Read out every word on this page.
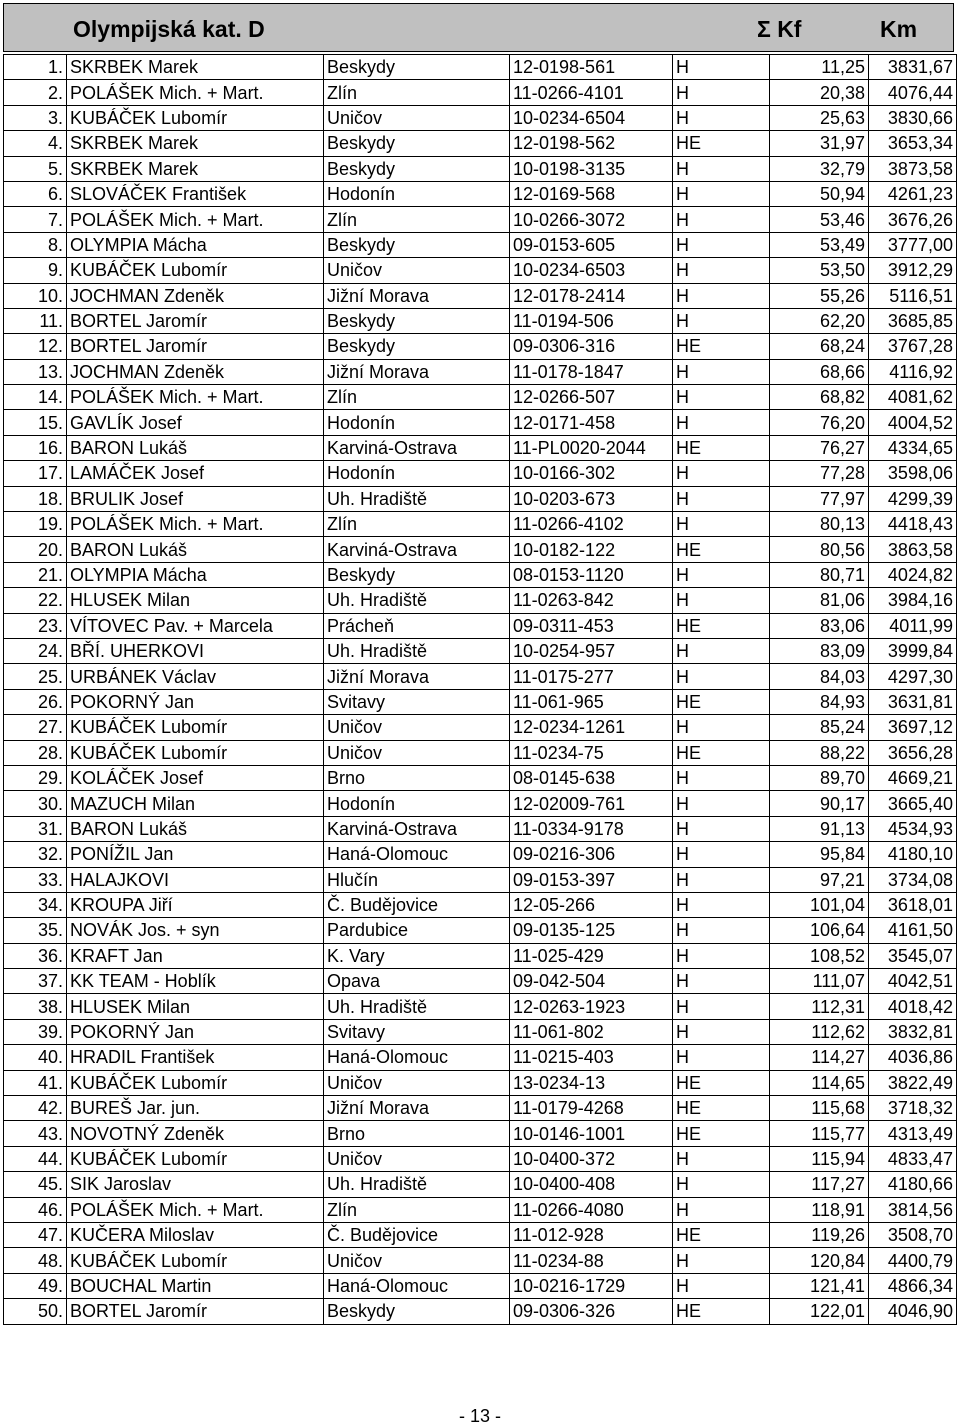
Olympijská kat. D	Σ Kf	Km
1.	SKRBEK Marek	Beskydy	12-0198-561	H	11,25	3831,67
2.	POLÁŠEK Mich. + Mart.	Zlín	11-0266-4101	H	20,38	4076,44
3.	KUBÁČEK Lubomír	Uničov	10-0234-6504	H	25,63	3830,66
4.	SKRBEK Marek	Beskydy	12-0198-562	HE	31,97	3653,34
5.	SKRBEK Marek	Beskydy	10-0198-3135	H	32,79	3873,58
6.	SLOVÁČEK František	Hodonín	12-0169-568	H	50,94	4261,23
7.	POLÁŠEK Mich. + Mart.	Zlín	10-0266-3072	H	53,46	3676,26
8.	OLYMPIA Mácha	Beskydy	09-0153-605	H	53,49	3777,00
9.	KUBÁČEK Lubomír	Uničov	10-0234-6503	H	53,50	3912,29
10.	JOCHMAN Zdeněk	Jižní Morava	12-0178-2414	H	55,26	5116,51
11.	BORTEL Jaromír	Beskydy	11-0194-506	H	62,20	3685,85
12.	BORTEL Jaromír	Beskydy	09-0306-316	HE	68,24	3767,28
13.	JOCHMAN Zdeněk	Jižní Morava	11-0178-1847	H	68,66	4116,92
14.	POLÁŠEK Mich. + Mart.	Zlín	12-0266-507	H	68,82	4081,62
15.	GAVLÍK Josef	Hodonín	12-0171-458	H	76,20	4004,52
16.	BARON Lukáš	Karviná-Ostrava	11-PL0020-2044	HE	76,27	4334,65
17.	LAMÁČEK Josef	Hodonín	10-0166-302	H	77,28	3598,06
18.	BRULIK Josef	Uh. Hradiště	10-0203-673	H	77,97	4299,39
19.	POLÁŠEK Mich. + Mart.	Zlín	11-0266-4102	H	80,13	4418,43
20.	BARON Lukáš	Karviná-Ostrava	10-0182-122	HE	80,56	3863,58
21.	OLYMPIA Mácha	Beskydy	08-0153-1120	H	80,71	4024,82
22.	HLUSEK Milan	Uh. Hradiště	11-0263-842	H	81,06	3984,16
23.	VÍTOVEC Pav. + Marcela	Prácheň	09-0311-453	HE	83,06	4011,99
24.	BŘÍ. UHERKOVI	Uh. Hradiště	10-0254-957	H	83,09	3999,84
25.	URBÁNEK Václav	Jižní Morava	11-0175-277	H	84,03	4297,30
26.	POKORNÝ Jan	Svitavy	11-061-965	HE	84,93	3631,81
27.	KUBÁČEK Lubomír	Uničov	12-0234-1261	H	85,24	3697,12
28.	KUBÁČEK Lubomír	Uničov	11-0234-75	HE	88,22	3656,28
29.	KOLÁČEK Josef	Brno	08-0145-638	H	89,70	4669,21
30.	MAZUCH Milan	Hodonín	12-02009-761	H	90,17	3665,40
31.	BARON Lukáš	Karviná-Ostrava	11-0334-9178	H	91,13	4534,93
32.	PONÍŽIL Jan	Haná-Olomouc	09-0216-306	H	95,84	4180,10
33.	HALAJKOVI	Hlučín	09-0153-397	H	97,21	3734,08
34.	KROUPA Jiří	Č. Budějovice	12-05-266	H	101,04	3618,01
35.	NOVÁK Jos. + syn	Pardubice	09-0135-125	H	106,64	4161,50
36.	KRAFT Jan	K. Vary	11-025-429	H	108,52	3545,07
37.	KK TEAM - Hoblík	Opava	09-042-504	H	111,07	4042,51
38.	HLUSEK Milan	Uh. Hradiště	12-0263-1923	H	112,31	4018,42
39.	POKORNÝ Jan	Svitavy	11-061-802	H	112,62	3832,81
40.	HRADIL František	Haná-Olomouc	11-0215-403	H	114,27	4036,86
41.	KUBÁČEK Lubomír	Uničov	13-0234-13	HE	114,65	3822,49
42.	BUREŠ Jar. jun.	Jižní Morava	11-0179-4268	HE	115,68	3718,32
43.	NOVOTNÝ Zdeněk	Brno	10-0146-1001	HE	115,77	4313,49
44.	KUBÁČEK Lubomír	Uničov	10-0400-372	H	115,94	4833,47
45.	SIK Jaroslav	Uh. Hradiště	10-0400-408	H	117,27	4180,66
46.	POLÁŠEK Mich. + Mart.	Zlín	11-0266-4080	H	118,91	3814,56
47.	KUČERA Miloslav	Č. Budějovice	11-012-928	HE	119,26	3508,70
48.	KUBÁČEK Lubomír	Uničov	11-0234-88	H	120,84	4400,79
49.	BOUCHAL Martin	Haná-Olomouc	10-0216-1729	H	121,41	4866,34
50.	BORTEL Jaromír	Beskydy	09-0306-326	HE	122,01	4046,90
- 13 -
